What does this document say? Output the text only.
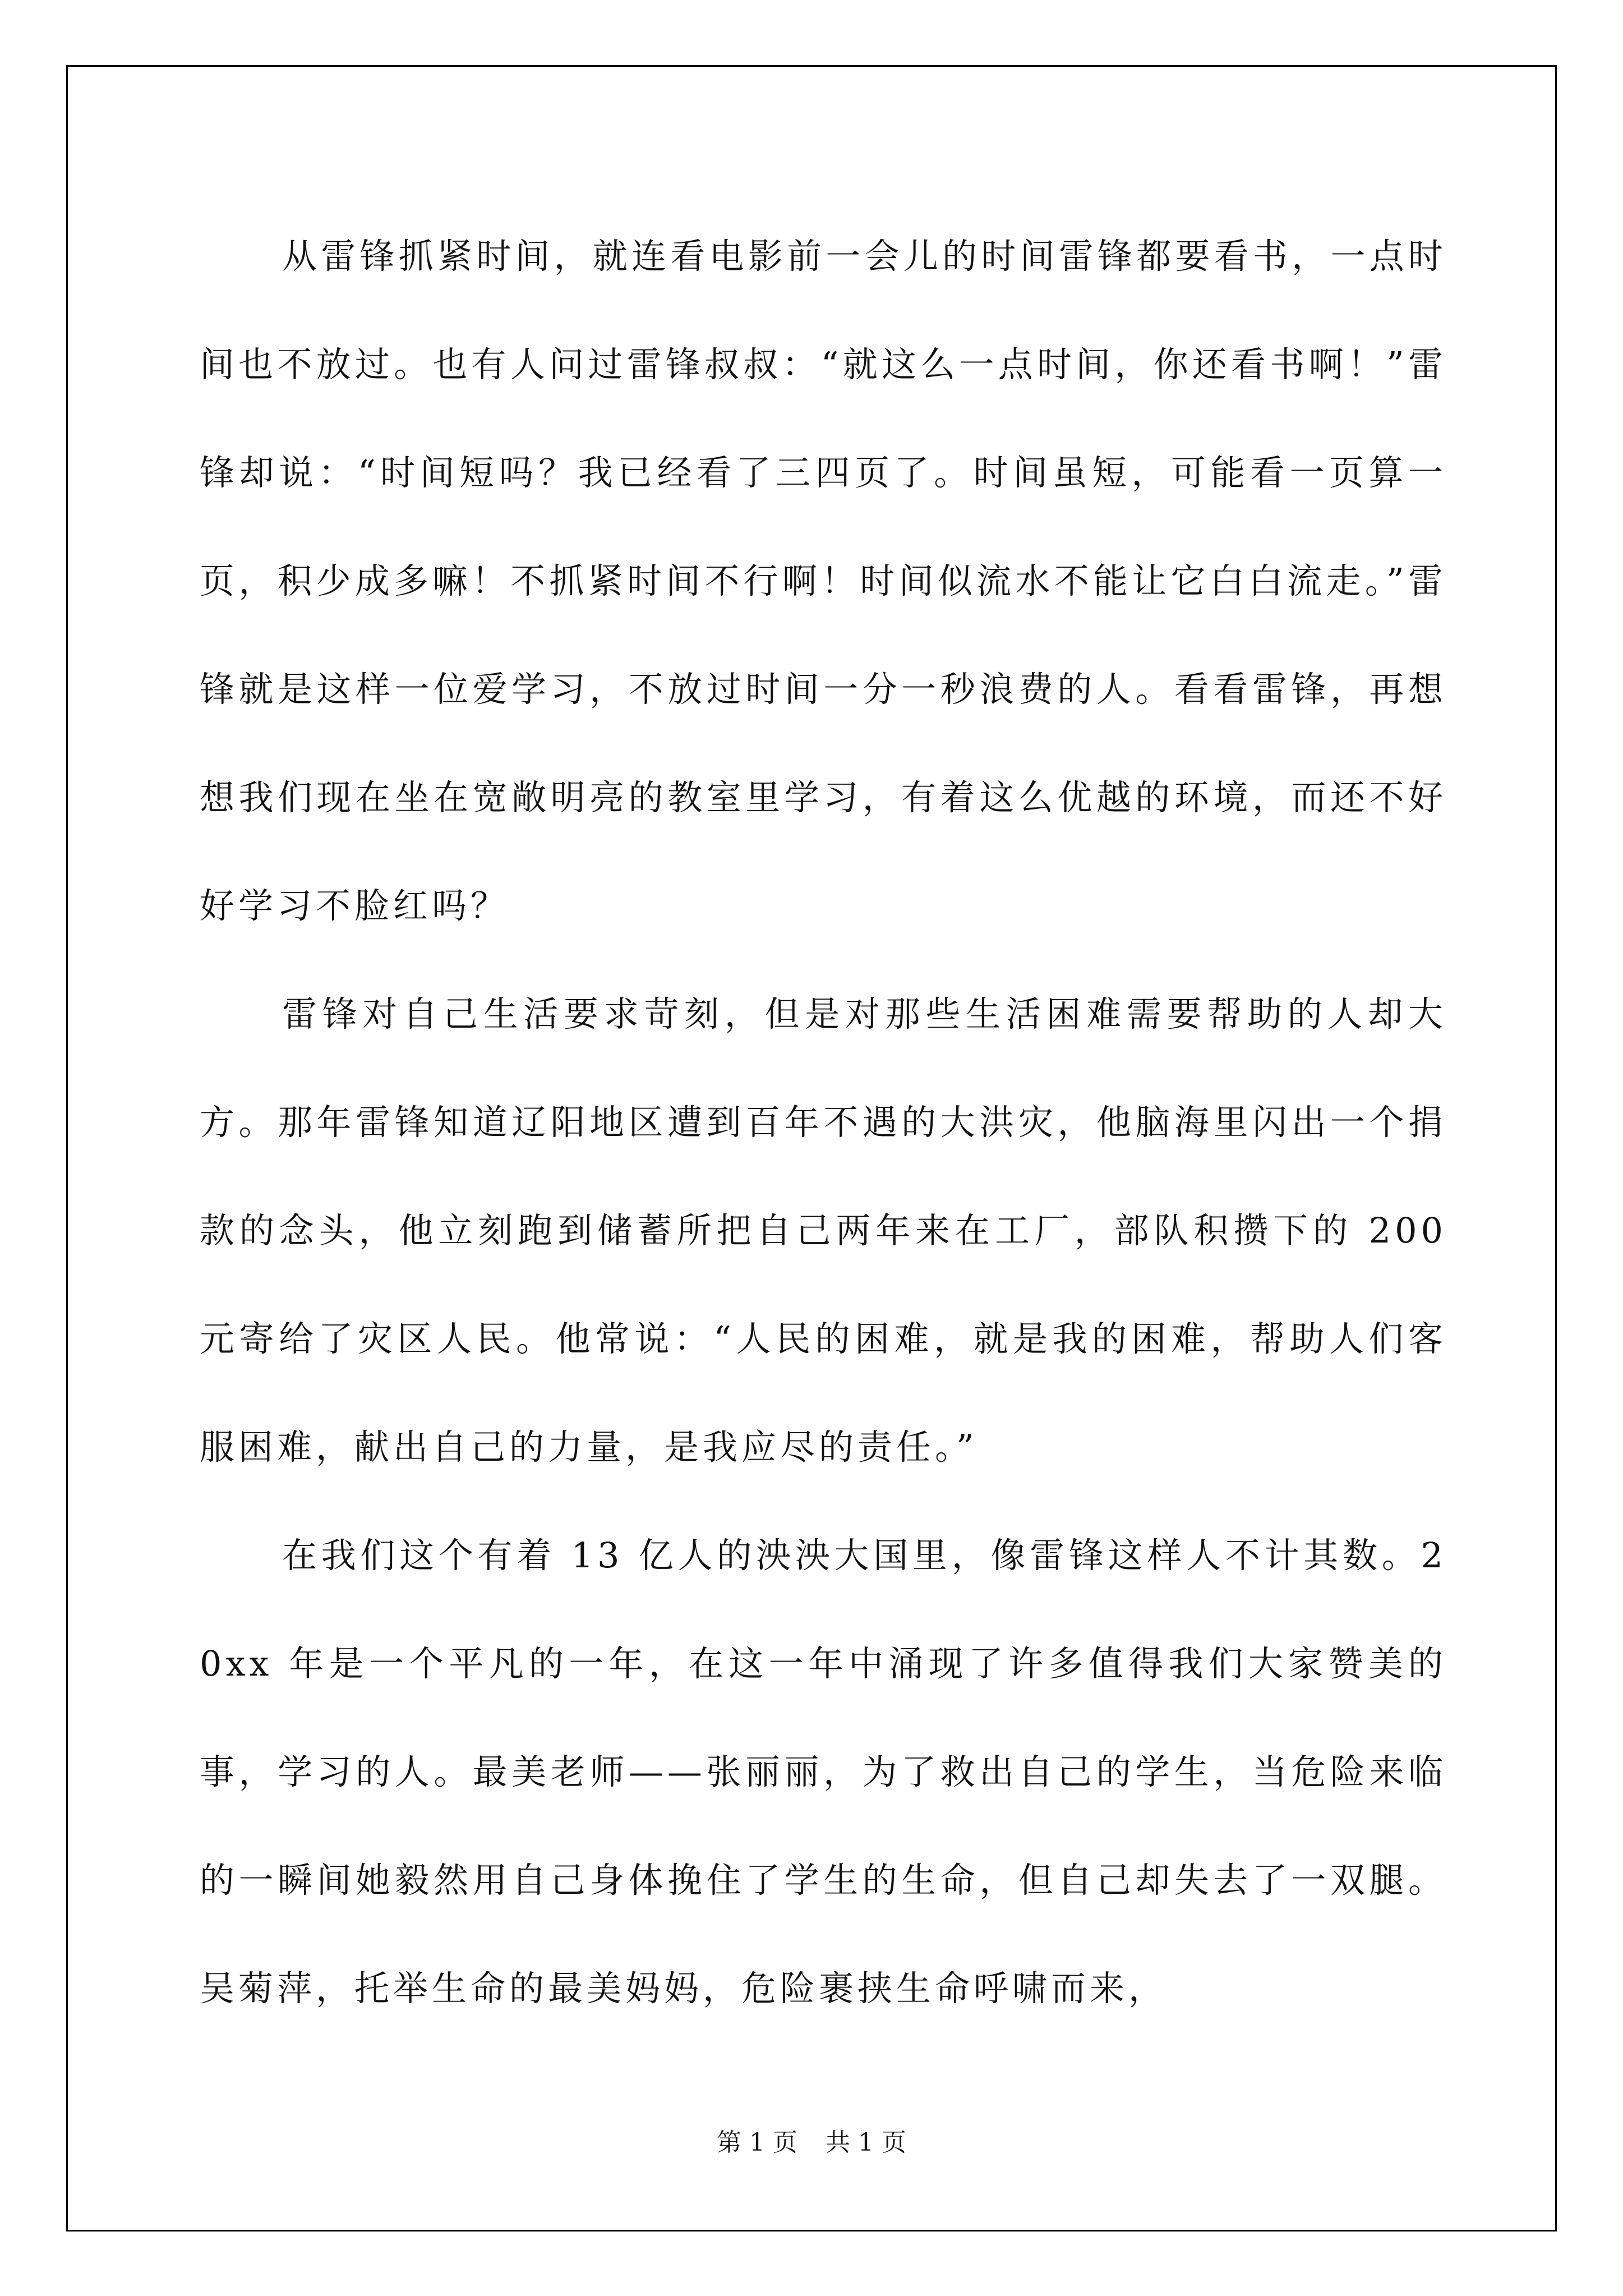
从雷锋抓紧时间，就连看电影前一会儿的时间雷锋都要看书，一点时间也不放过。也有人问过雷锋叔叔：“就这么一点时间，你还看书啊！”雷锋却说：“时间短吗？我已经看了三四页了。时间虽短，可能看一页算一页，积少成多嘛！不抓紧时间不行啊！时间似流水不能让它白白流走。”雷锋就是这样一位爱学习，不放过时间一分一秒浪费的人。看看雷锋，再想想我们现在坐在宽敞明亮的教室里学习，有着这么优越的环境，而还不好好学习不脸红吗？

雷锋对自己生活要求苛刻，但是对那些生活困难需要帮助的人却大方。那年雷锋知道辽阳地区遭到百年不遇的大洪灾，他脑海里闪出一个捐款的念头，他立刻跑到储蓄所把自己两年来在工厂，部队积攒下的 200 元寄给了灾区人民。他常说：“人民的困难，就是我的困难，帮助人们客服困难，献出自己的力量，是我应尽的责任。”

在我们这个有着 13 亿人的泱泱大国里，像雷锋这样人不计其数。20xx 年是一个平凡的一年，在这一年中涌现了许多值得我们大家赞美的事，学习的人。最美老师——张丽丽，为了救出自己的学生，当危险来临的一瞬间她毅然用自己身体挽住了学生的生命，但自己却失去了一双腿。吴菊萍，托举生命的最美妈妈，危险裹挟生命呼啸而来，

第 1 页 共 1 页
